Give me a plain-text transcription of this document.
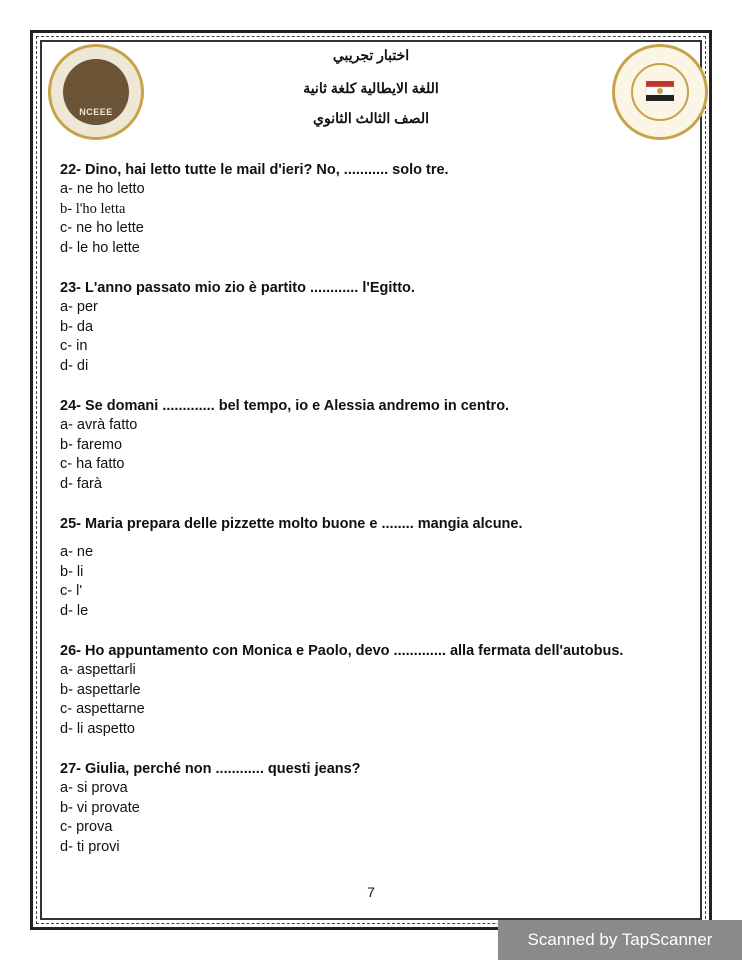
NCEEE
اختبار تجريبي
اللغة الايطالية كلغة ثانية
الصف الثالث الثانوي
22- Dino, hai letto tutte le mail d'ieri? No, ........... solo tre.
a- ne ho letto
b- l'ho letta
c- ne ho lette
d- le ho lette
23- L'anno passato mio zio è partito ............ l'Egitto.
a- per
b- da
c- in
d- di
24- Se domani ............. bel tempo, io e Alessia andremo in centro.
a- avrà fatto
b- faremo
c- ha fatto
d- farà
25- Maria prepara delle pizzette molto buone e ........ mangia alcune.
a- ne
b- li
c- l'
d- le
26- Ho appuntamento con Monica e Paolo, devo ............. alla fermata dell'autobus.
a- aspettarli
b- aspettarle
c- aspettarne
d- li aspetto
27- Giulia, perché non ............ questi jeans?
a- si prova
b- vi provate
c- prova
d- ti provi
7
Scanned by TapScanner
